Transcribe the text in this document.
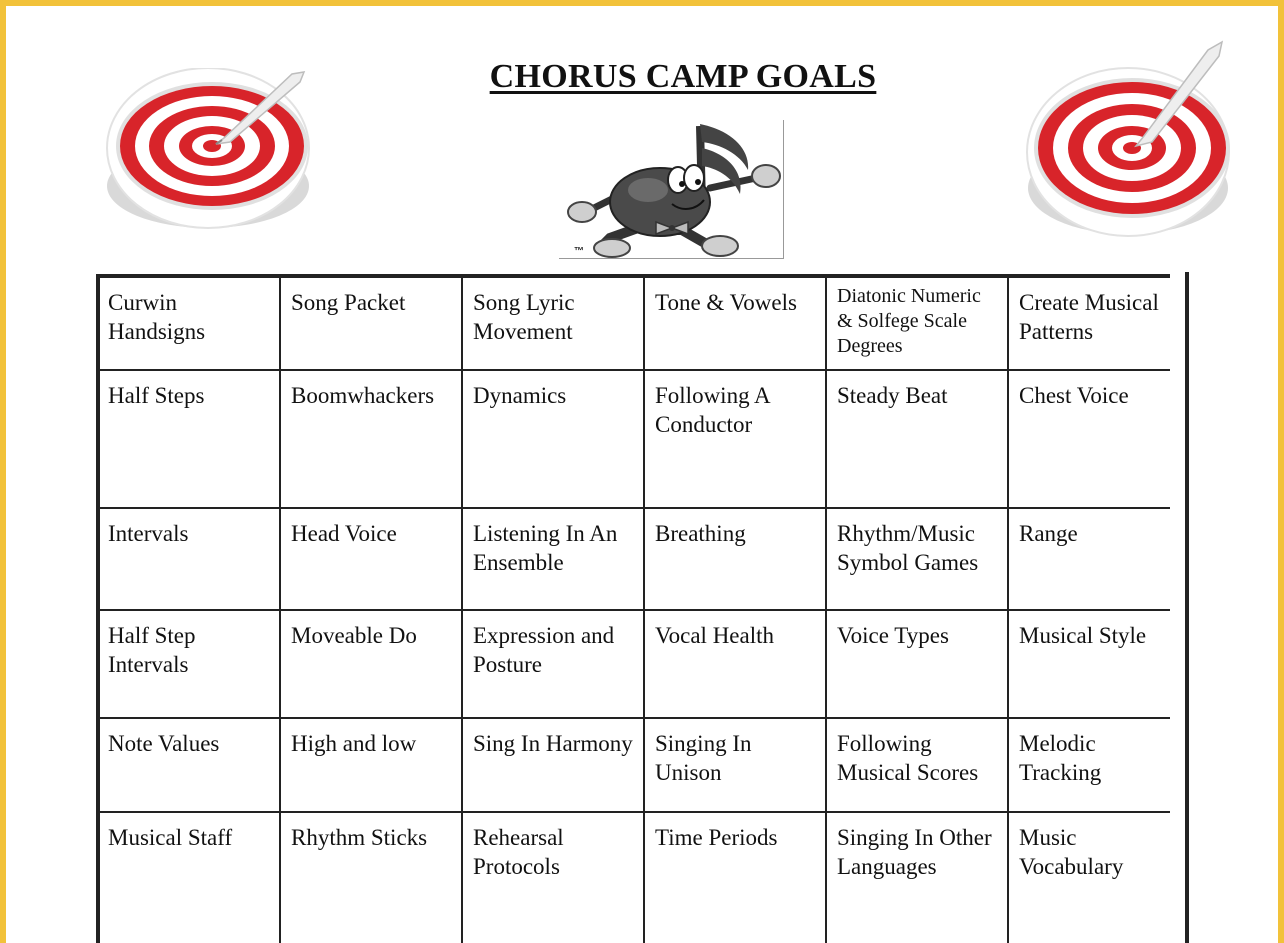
CHORUS CAMP GOALS
™
Curwin Handsigns	Song Packet	Song Lyric Movement	Tone & Vowels	Diatonic Numeric & Solfege Scale Degrees	Create Musical Patterns

Half Steps	Boomwhackers	Dynamics	Following A Conductor	Steady Beat	Chest Voice

Intervals	Head Voice	Listening In An Ensemble	Breathing	Rhythm/Music Symbol Games	Range

Half Step Intervals	Moveable Do	Expression and Posture	Vocal Health	Voice Types	Musical Style

Note Values	High and low	Sing In Harmony	Singing In Unison	Following Musical Scores	Melodic Tracking

Musical Staff	Rhythm Sticks	Rehearsal Protocols	Time Periods	Singing In Other Languages	Music Vocabulary
